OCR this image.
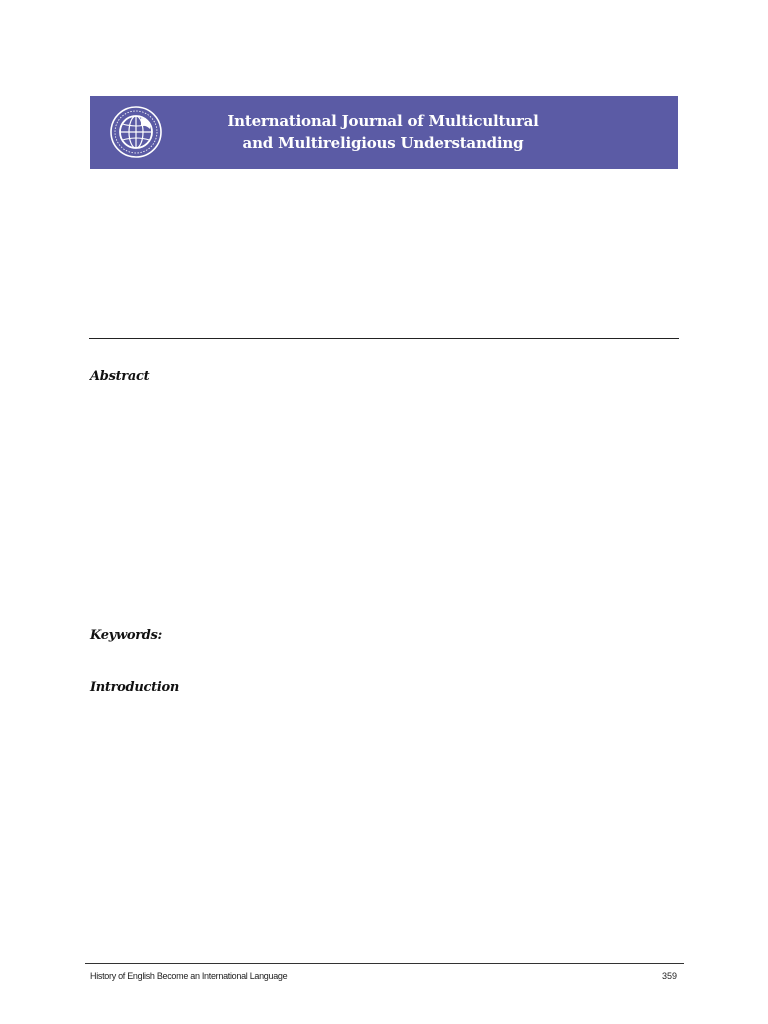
International Journal of Multicultural
and Multireligious Understanding
Abstract
Keywords:
Introduction
History of English Become an International Language	359
